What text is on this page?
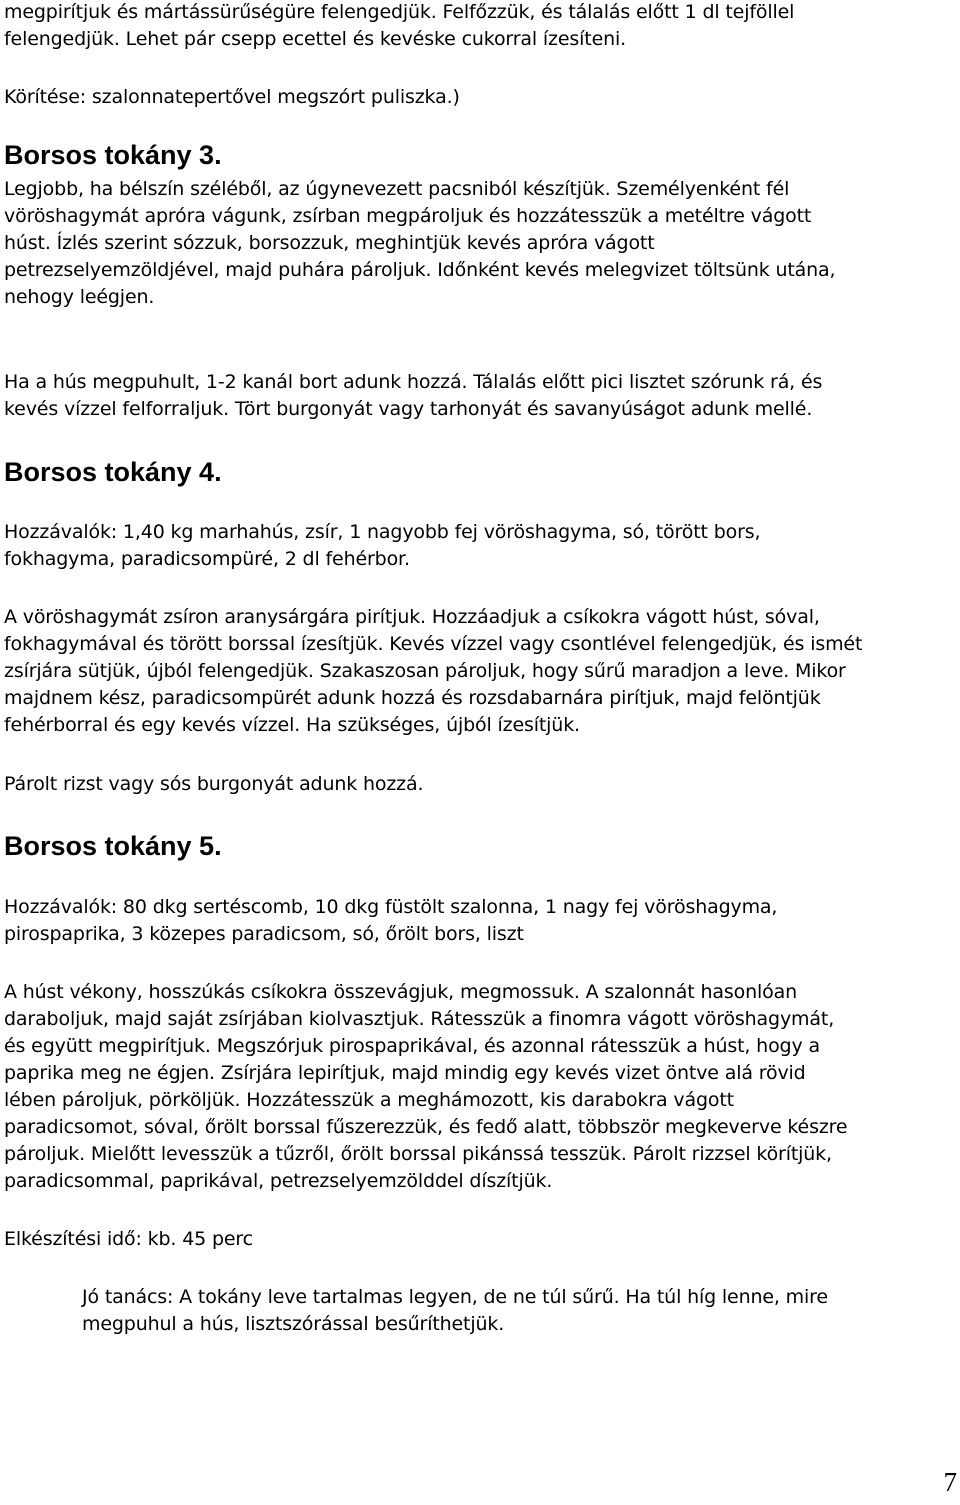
megpirítjuk és mártássürűségüre felengedjük. Felfőzzük, és tálalás előtt 1 dl tejföllel
felengedjük. Lehet pár csepp ecettel és kevéske cukorral ízesíteni.

Körítése: szalonnatepertővel megszórt puliszka.)

Borsos tokány 3.

Legjobb, ha bélszín széléből, az úgynevezett pacsniból készítjük. Személyenként fél
vöröshagymát apróra vágunk, zsírban megpároljuk és hozzátesszük a metéltre vágott
húst. Ízlés szerint sózzuk, borsozzuk, meghintjük kevés apróra vágott
petrezselyemzöldjével, majd puhára pároljuk. Időnként kevés melegvizet töltsünk utána,
nehogy leégjen.

Ha a hús megpuhult, 1-2 kanál bort adunk hozzá. Tálalás előtt pici lisztet szórunk rá, és
kevés vízzel felforraljuk. Tört burgonyát vagy tarhonyát és savanyúságot adunk mellé.

Borsos tokány 4.

Hozzávalók: 1,40 kg marhahús, zsír, 1 nagyobb fej vöröshagyma, só, törött bors,
fokhagyma, paradicsompüré, 2 dl fehérbor.

A vöröshagymát zsíron aranysárgára pirítjuk. Hozzáadjuk a csíkokra vágott húst, sóval,
fokhagymával és törött borssal ízesítjük. Kevés vízzel vagy csontlével felengedjük, és ismét
zsírjára sütjük, újból felengedjük. Szakaszosan pároljuk, hogy sűrű maradjon a leve. Mikor
majdnem kész, paradicsompürét adunk hozzá és rozsdabarnára pirítjuk, majd felöntjük
fehérborral és egy kevés vízzel. Ha szükséges, újból ízesítjük.

Párolt rizst vagy sós burgonyát adunk hozzá.

Borsos tokány 5.

Hozzávalók: 80 dkg sertéscomb, 10 dkg füstölt szalonna, 1 nagy fej vöröshagyma,
pirospaprika, 3 közepes paradicsom, só, őrölt bors, liszt

A húst vékony, hosszúkás csíkokra összevágjuk, megmossuk. A szalonnát hasonlóan
daraboljuk, majd saját zsírjában kiolvasztjuk. Rátesszük a finomra vágott vöröshagymát,
és együtt megpirítjuk. Megszórjuk pirospaprikával, és azonnal rátesszük a húst, hogy a
paprika meg ne égjen. Zsírjára lepirítjuk, majd mindig egy kevés vizet öntve alá rövid
lében pároljuk, pörköljük. Hozzátesszük a meghámozott, kis darabokra vágott
paradicsomot, sóval, őrölt borssal fűszerezzük, és fedő alatt, többször megkeverve készre
pároljuk. Mielőtt levesszük a tűzről, őrölt borssal pikánssá tesszük. Párolt rizzsel körítjük,
paradicsommal, paprikával, petrezselyemzölddel díszítjük.

Elkészítési idő: kb. 45 perc

Jó tanács: A tokány leve tartalmas legyen, de ne túl sűrű. Ha túl híg lenne, mire
megpuhul a hús, lisztszórással besűríthetjük.

7
